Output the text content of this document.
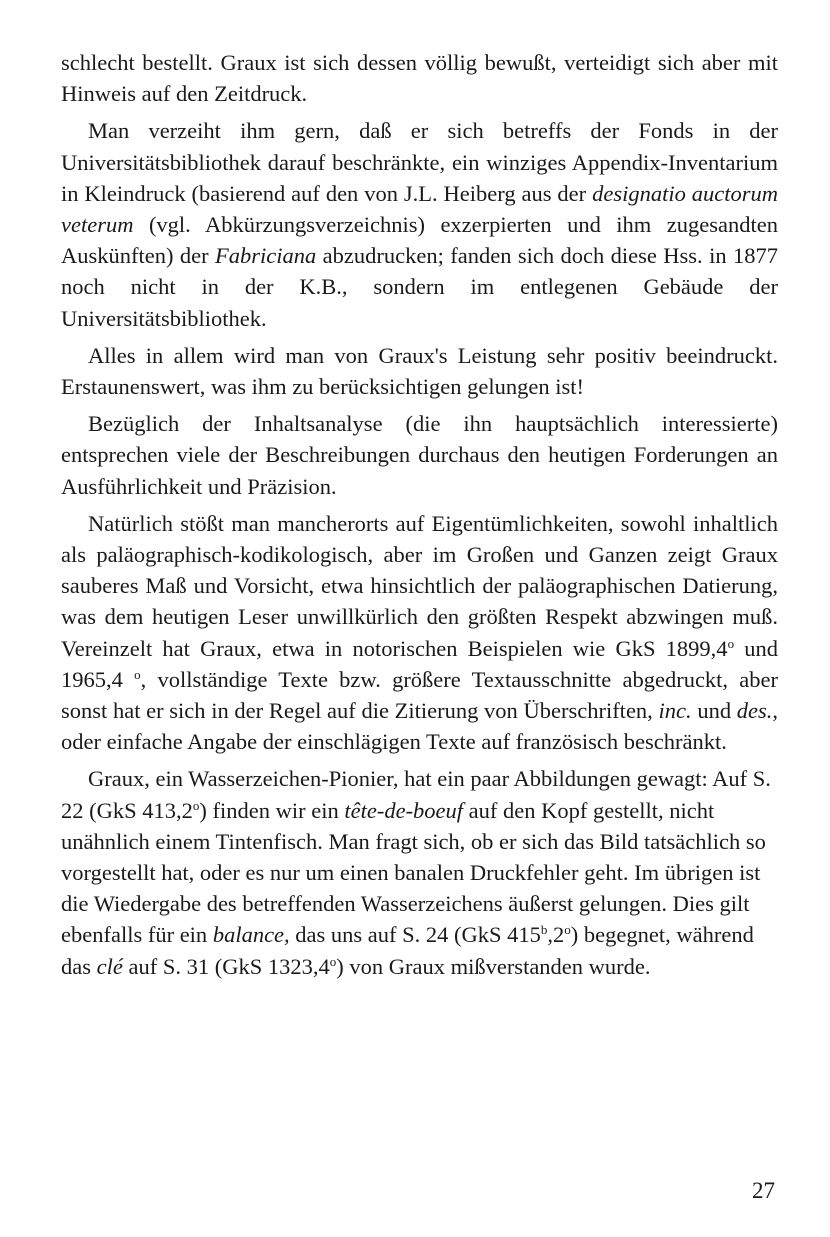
schlecht bestellt. Graux ist sich dessen völlig bewußt, verteidigt sich aber mit Hinweis auf den Zeitdruck.

Man verzeiht ihm gern, daß er sich betreffs der Fonds in der Universitätsbibliothek darauf beschränkte, ein winziges Appendix-Inventarium in Kleindruck (basierend auf den von J.L. Heiberg aus der designatio auctorum veterum (vgl. Abkürzungsverzeichnis) exzerpierten und ihm zugesandten Auskünften) der Fabriciana abzudrucken; fanden sich doch diese Hss. in 1877 noch nicht in der K.B., sondern im entlegenen Gebäude der Universitätsbibliothek.

Alles in allem wird man von Graux's Leistung sehr positiv beeindruckt. Erstaunenswert, was ihm zu berücksichtigen gelungen ist!

Bezüglich der Inhaltsanalyse (die ihn hauptsächlich interessierte) entsprechen viele der Beschreibungen durchaus den heutigen Forderungen an Ausführlichkeit und Präzision.

Natürlich stößt man mancherorts auf Eigentümlichkeiten, sowohl inhaltlich als paläographisch-kodikologisch, aber im Großen und Ganzen zeigt Graux sauberes Maß und Vorsicht, etwa hinsichtlich der paläographischen Datierung, was dem heutigen Leser unwillkürlich den größten Respekt abzwingen muß. Vereinzelt hat Graux, etwa in notorischen Beispielen wie GkS 1899,4$^o$ und 1965,4 $^o$, vollständige Texte bzw. größere Textausschnitte abgedruckt, aber sonst hat er sich in der Regel auf die Zitierung von Überschriften, inc. und des., oder einfache Angabe der einschlägigen Texte auf französisch beschränkt.

Graux, ein Wasserzeichen-Pionier, hat ein paar Abbildungen gewagt: Auf S. 22 (GkS 413,2$^o$) finden wir ein tête-de-boeuf auf den Kopf gestellt, nicht unähnlich einem Tintenfisch. Man fragt sich, ob er sich das Bild tatsächlich so vorgestellt hat, oder es nur um einen banalen Druckfehler geht. Im übrigen ist die Wiedergabe des betreffenden Wasserzeichens äußerst gelungen. Dies gilt ebenfalls für ein balance, das uns auf S. 24 (GkS 415$^b$,2$^o$) begegnet, während das clé auf S. 31 (GkS 1323,4$^o$) von Graux mißverstanden wurde.

27
